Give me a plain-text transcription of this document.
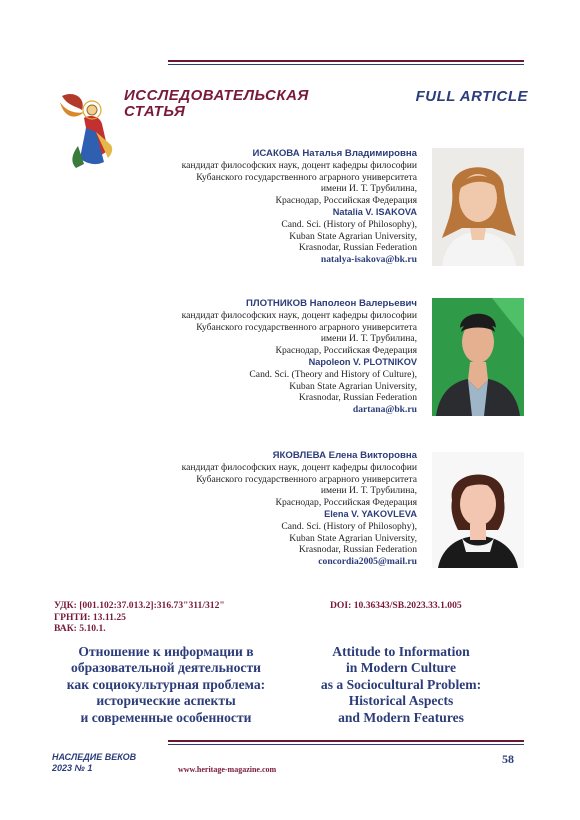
ИССЛЕДОВАТЕЛЬСКАЯ
СТАТЬЯ
FULL ARTICLE
ИСАКОВА Наталья Владимировна
кандидат философских наук, доцент кафедры философии
Кубанского государственного аграрного университета
имени И. Т. Трубилина,
Краснодар, Российская Федерация
Natalia V. ISAKOVA
Cand. Sci. (History of Philosophy),
Kuban State Agrarian University,
Krasnodar, Russian Federation
natalya-isakova@bk.ru
ПЛОТНИКОВ Наполеон Валерьевич
кандидат философских наук, доцент кафедры философии
Кубанского государственного аграрного университета
имени И. Т. Трубилина,
Краснодар, Российская Федерация
Napoleon V. PLOTNIKOV
Cand. Sci. (Theory and History of Culture),
Kuban State Agrarian University,
Krasnodar, Russian Federation
dartana@bk.ru
ЯКОВЛЕВА Елена Викторовна
кандидат философских наук, доцент кафедры философии
Кубанского государственного аграрного университета
имени И. Т. Трубилина,
Краснодар, Российская Федерация
Elena V. YAKOVLEVA
Cand. Sci. (History of Philosophy),
Kuban State Agrarian University,
Krasnodar, Russian Federation
concordia2005@mail.ru
УДК: [001.102:37.013.2]:316.73"311/312"
ГРНТИ: 13.11.25
ВАК: 5.10.1.
DOI: 10.36343/SB.2023.33.1.005
Отношение к информации в
образовательной деятельности
как социокультурная проблема:
исторические аспекты
и современные особенности
Attitude to Information
in Modern Culture
as a Sociocultural Problem:
Historical Aspects
and Modern Features
НАСЛЕДИЕ ВЕКОВ
2023 № 1	www.heritage-magazine.com
58
